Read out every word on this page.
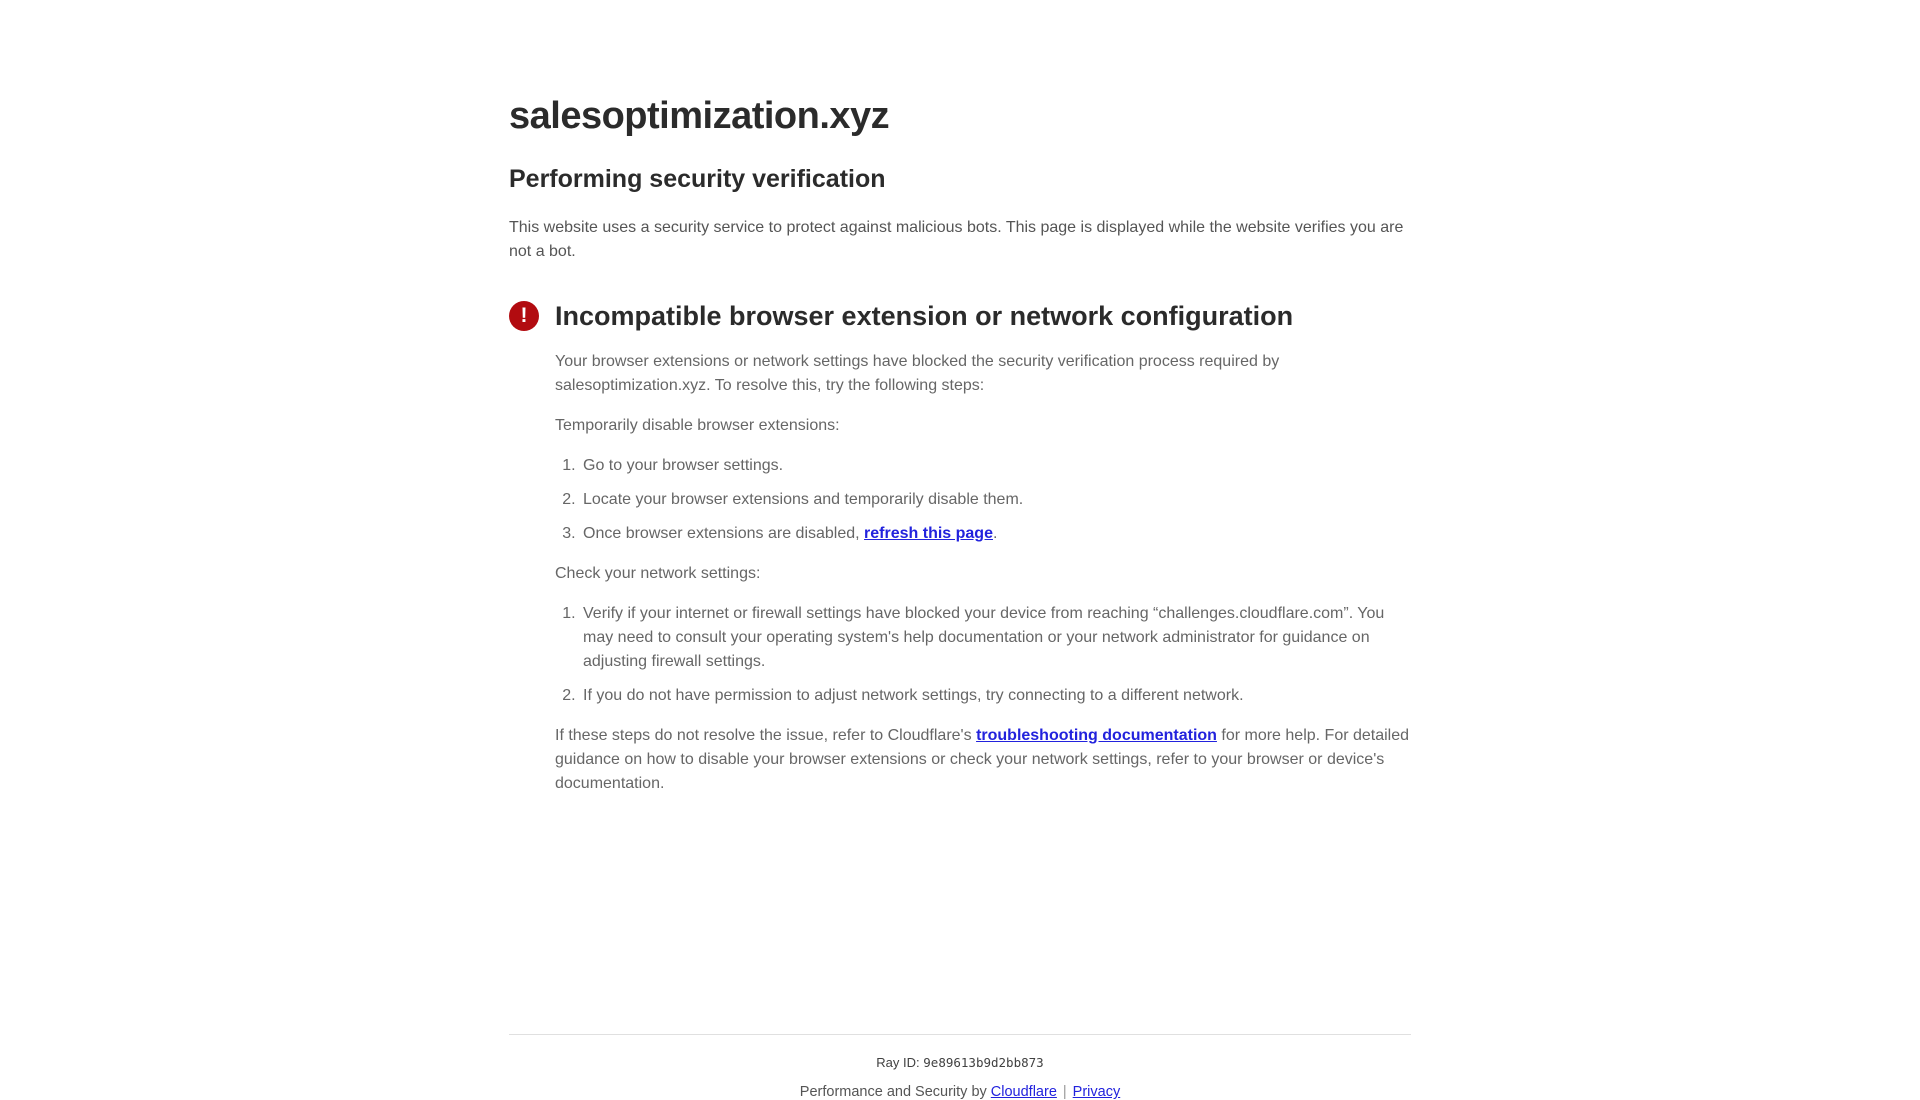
salesoptimization.xyz
Performing security verification

This website uses a security service to protect against malicious bots. This page is displayed while the website verifies you are not a bot.

!	Incompatible browser extension or network configuration

Your browser extensions or network settings have blocked the security verification process required by salesoptimization.xyz. To resolve this, try the following steps:

Temporarily disable browser extensions:

1. Go to your browser settings.
2. Locate your browser extensions and temporarily disable them.
3. Once browser extensions are disabled, refresh this page.

Check your network settings:

1. Verify if your internet or firewall settings have blocked your device from reaching “challenges.cloudflare.com”. You may need to consult your operating system's help documentation or your network administrator for guidance on adjusting firewall settings.
2. If you do not have permission to adjust network settings, try connecting to a different network.

If these steps do not resolve the issue, refer to Cloudflare's troubleshooting documentation for more help. For detailed guidance on how to disable your browser extensions or check your network settings, refer to your browser or device's documentation.

Ray ID: 9e89613b9d2bb873

Performance and Security by Cloudflare | Privacy
